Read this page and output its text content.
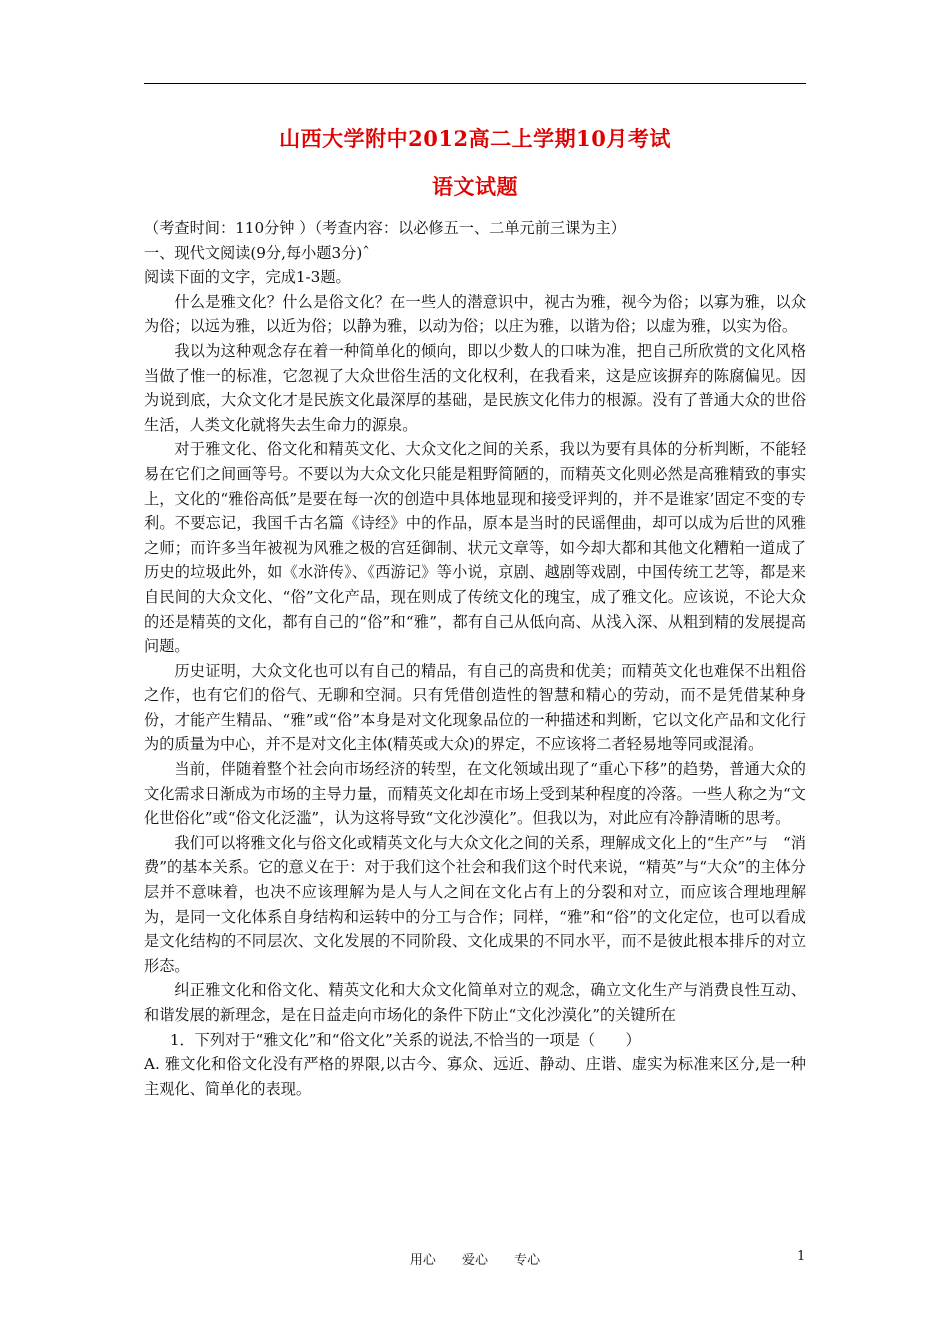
山西大学附中2012高二上学期10月考试
语文试题

（考查时间：110分钟 ）（考查内容：以必修五一、二单元前三课为主）

一、现代文阅读(9分,每小题3分)ˆ

阅读下面的文字，完成1-3题。

什么是雅文化？什么是俗文化？在一些人的潜意识中，视古为雅，视今为俗；以寡为雅，以众为俗；以远为雅，以近为俗；以静为雅，以动为俗；以庄为雅，以谐为俗；以虚为雅，以实为俗。

我以为这种观念存在着一种简单化的倾向，即以少数人的口味为准，把自己所欣赏的文化风格当做了惟一的标准，它忽视了大众世俗生活的文化权利，在我看来，这是应该摒弃的陈腐偏见。因为说到底，大众文化才是民族文化最深厚的基础，是民族文化伟力的根源。没有了普通大众的世俗生活，人类文化就将失去生命力的源泉。

对于雅文化、俗文化和精英文化、大众文化之间的关系，我以为要有具体的分析判断，不能轻易在它们之间画等号。不要以为大众文化只能是粗野简陋的，而精英文化则必然是高雅精致的事实上，文化的“雅俗高低”是要在每一次的创造中具体地显现和接受评判的，并不是谁家’固定不变的专利。不要忘记，我国千古名篇《诗经》中的作品，原本是当时的民谣俚曲，却可以成为后世的风雅之师；而许多当年被视为风雅之极的宫廷御制、状元文章等，如今却大都和其他文化糟粕一道成了历史的垃圾此外，如《水浒传》、《西游记》等小说，京剧、越剧等戏剧，中国传统工艺等，都是来自民间的大众文化、“俗”文化产品，现在则成了传统文化的瑰宝，成了雅文化。应该说，不论大众的还是精英的文化，都有自己的“俗”和“雅”，都有自己从低向高、从浅入深、从粗到精的发展提高问题。

历史证明，大众文化也可以有自己的精品，有自己的高贵和优美；而精英文化也难保不出粗俗之作，也有它们的俗气、无聊和空洞。只有凭借创造性的智慧和精心的劳动，而不是凭借某种身份，才能产生精品、“雅”或“俗”本身是对文化现象品位的一种描述和判断，它以文化产品和文化行为的质量为中心，并不是对文化主体(精英或大众)的界定，不应该将二者轻易地等同或混淆。

当前，伴随着整个社会向市场经济的转型，在文化领域出现了“重心下移”的趋势，普通大众的文化需求日渐成为市场的主导力量，而精英文化却在市场上受到某种程度的冷落。一些人称之为“文化世俗化”或“俗文化泛滥”，认为这将导致“文化沙漠化”。但我以为，对此应有冷静清晰的思考。

我们可以将雅文化与俗文化或精英文化与大众文化之间的关系，理解成文化上的“生产”与　“消费”的基本关系。它的意义在于：对于我们这个社会和我们这个时代来说，“精英”与“大众”的主体分层并不意味着，也决不应该理解为是人与人之间在文化占有上的分裂和对立，而应该合理地理解为，是同一文化体系自身结构和运转中的分工与合作；同样，“雅”和“俗”的文化定位，也可以看成是文化结构的不同层次、文化发展的不同阶段、文化成果的不同水平，而不是彼此根本排斥的对立形态。

纠正雅文化和俗文化、精英文化和大众文化简单对立的观念，确立文化生产与消费良性互动、和谐发展的新理念，是在日益走向市场化的条件下防止“文化沙漠化”的关键所在

1．下列对于“雅文化”和“俗文化”关系的说法,不恰当的一项是（　　）

A. 雅文化和俗文化没有严格的界限,以古今、寡众、远近、静动、庄谐、虚实为标准来区分,是一种主观化、简单化的表现。

用心 爱心 专心	1
